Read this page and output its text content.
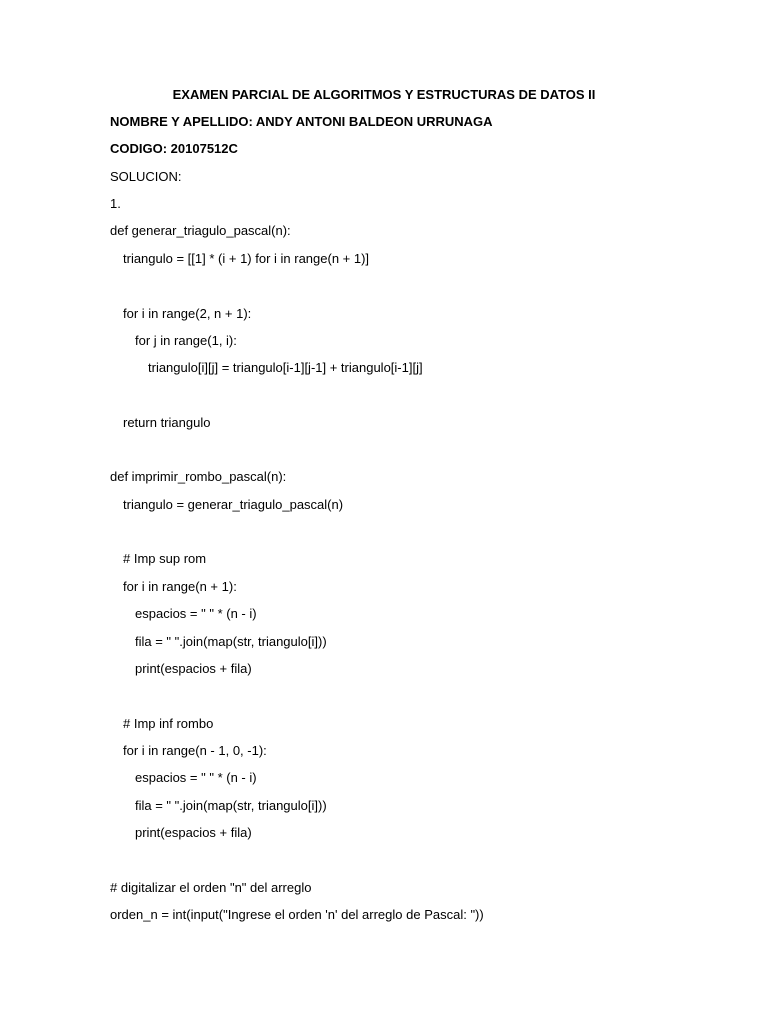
EXAMEN PARCIAL DE ALGORITMOS Y ESTRUCTURAS DE DATOS II
NOMBRE Y APELLIDO: ANDY ANTONI BALDEON URRUNAGA
CODIGO: 20107512C
SOLUCION:
1.
def generar_triagulo_pascal(n):
triangulo = [[1] * (i + 1) for i in range(n + 1)]
for i in range(2, n + 1):
for j in range(1, i):
triangulo[i][j] = triangulo[i-1][j-1] + triangulo[i-1][j]
return triangulo
def imprimir_rombo_pascal(n):
triangulo = generar_triagulo_pascal(n)
# Imp sup rom
for i in range(n + 1):
espacios = " " * (n - i)
fila = " ".join(map(str, triangulo[i]))
print(espacios + fila)
# Imp inf rombo
for i in range(n - 1, 0, -1):
espacios = " " * (n - i)
fila = " ".join(map(str, triangulo[i]))
print(espacios + fila)
# digitalizar el orden "n" del arreglo
orden_n = int(input("Ingrese el orden 'n' del arreglo de Pascal: "))
